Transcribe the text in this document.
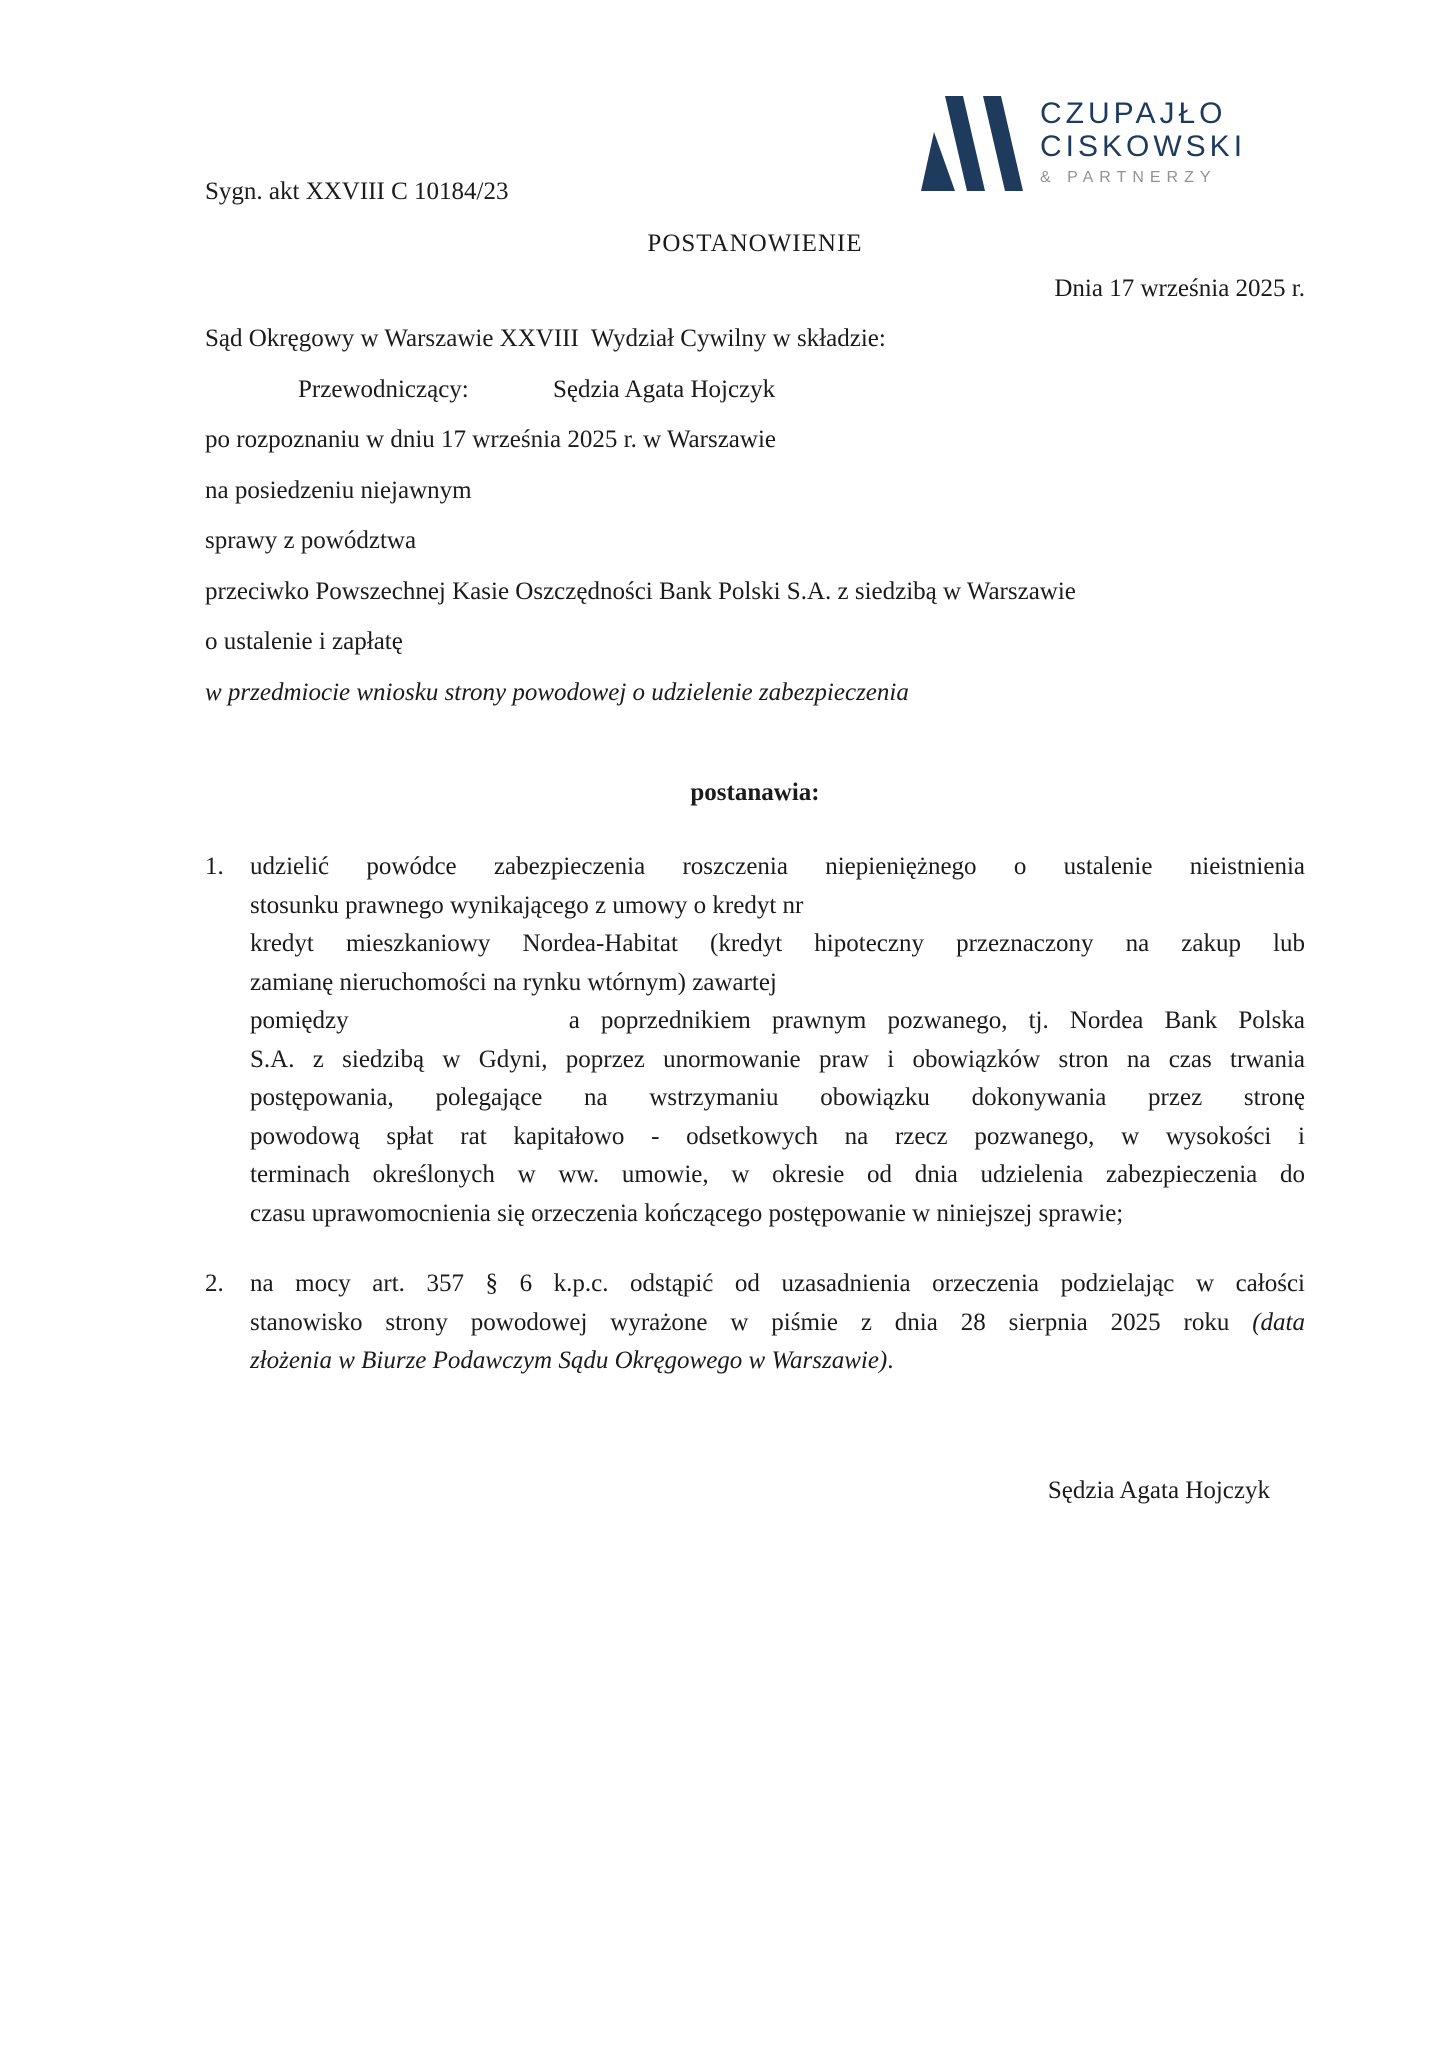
Sygn. akt XXVIII C 10184/23
CZUPAJŁO
CISKOWSKI
& PARTNERZY
POSTANOWIENIE
Dnia 17 września 2025 r.
Sąd Okręgowy w Warszawie XXVIII  Wydział Cywilny w składzie:
Przewodniczący:	Sędzia Agata Hojczyk
po rozpoznaniu w dniu 17 września 2025 r. w Warszawie
na posiedzeniu niejawnym
sprawy z powództwa
przeciwko Powszechnej Kasie Oszczędności Bank Polski S.A. z siedzibą w Warszawie
o ustalenie i zapłatę
w przedmiocie wniosku strony powodowej o udzielenie zabezpieczenia
postanawia:
1. udzielić powódce zabezpieczenia roszczenia niepieniężnego o ustalenie nieistnienia
stosunku prawnego wynikającego z umowy o kredyt nr
kredyt mieszkaniowy Nordea-Habitat (kredyt hipoteczny przeznaczony na zakup lub
zamianę nieruchomości na rynku wtórnym) zawartej
pomiędzy	a poprzednikiem prawnym pozwanego, tj. Nordea Bank Polska
S.A. z siedzibą w Gdyni, poprzez unormowanie praw i obowiązków stron na czas trwania
postępowania, polegające na wstrzymaniu obowiązku dokonywania przez stronę
powodową spłat rat kapitałowo - odsetkowych na rzecz pozwanego, w wysokości i
terminach określonych w ww. umowie, w okresie od dnia udzielenia zabezpieczenia do
czasu uprawomocnienia się orzeczenia kończącego postępowanie w niniejszej sprawie;
2. na mocy art. 357 § 6 k.p.c. odstąpić od uzasadnienia orzeczenia podzielając w całości
stanowisko strony powodowej wyrażone w piśmie z dnia 28 sierpnia 2025 roku (data
złożenia w Biurze Podawczym Sądu Okręgowego w Warszawie).
Sędzia Agata Hojczyk
